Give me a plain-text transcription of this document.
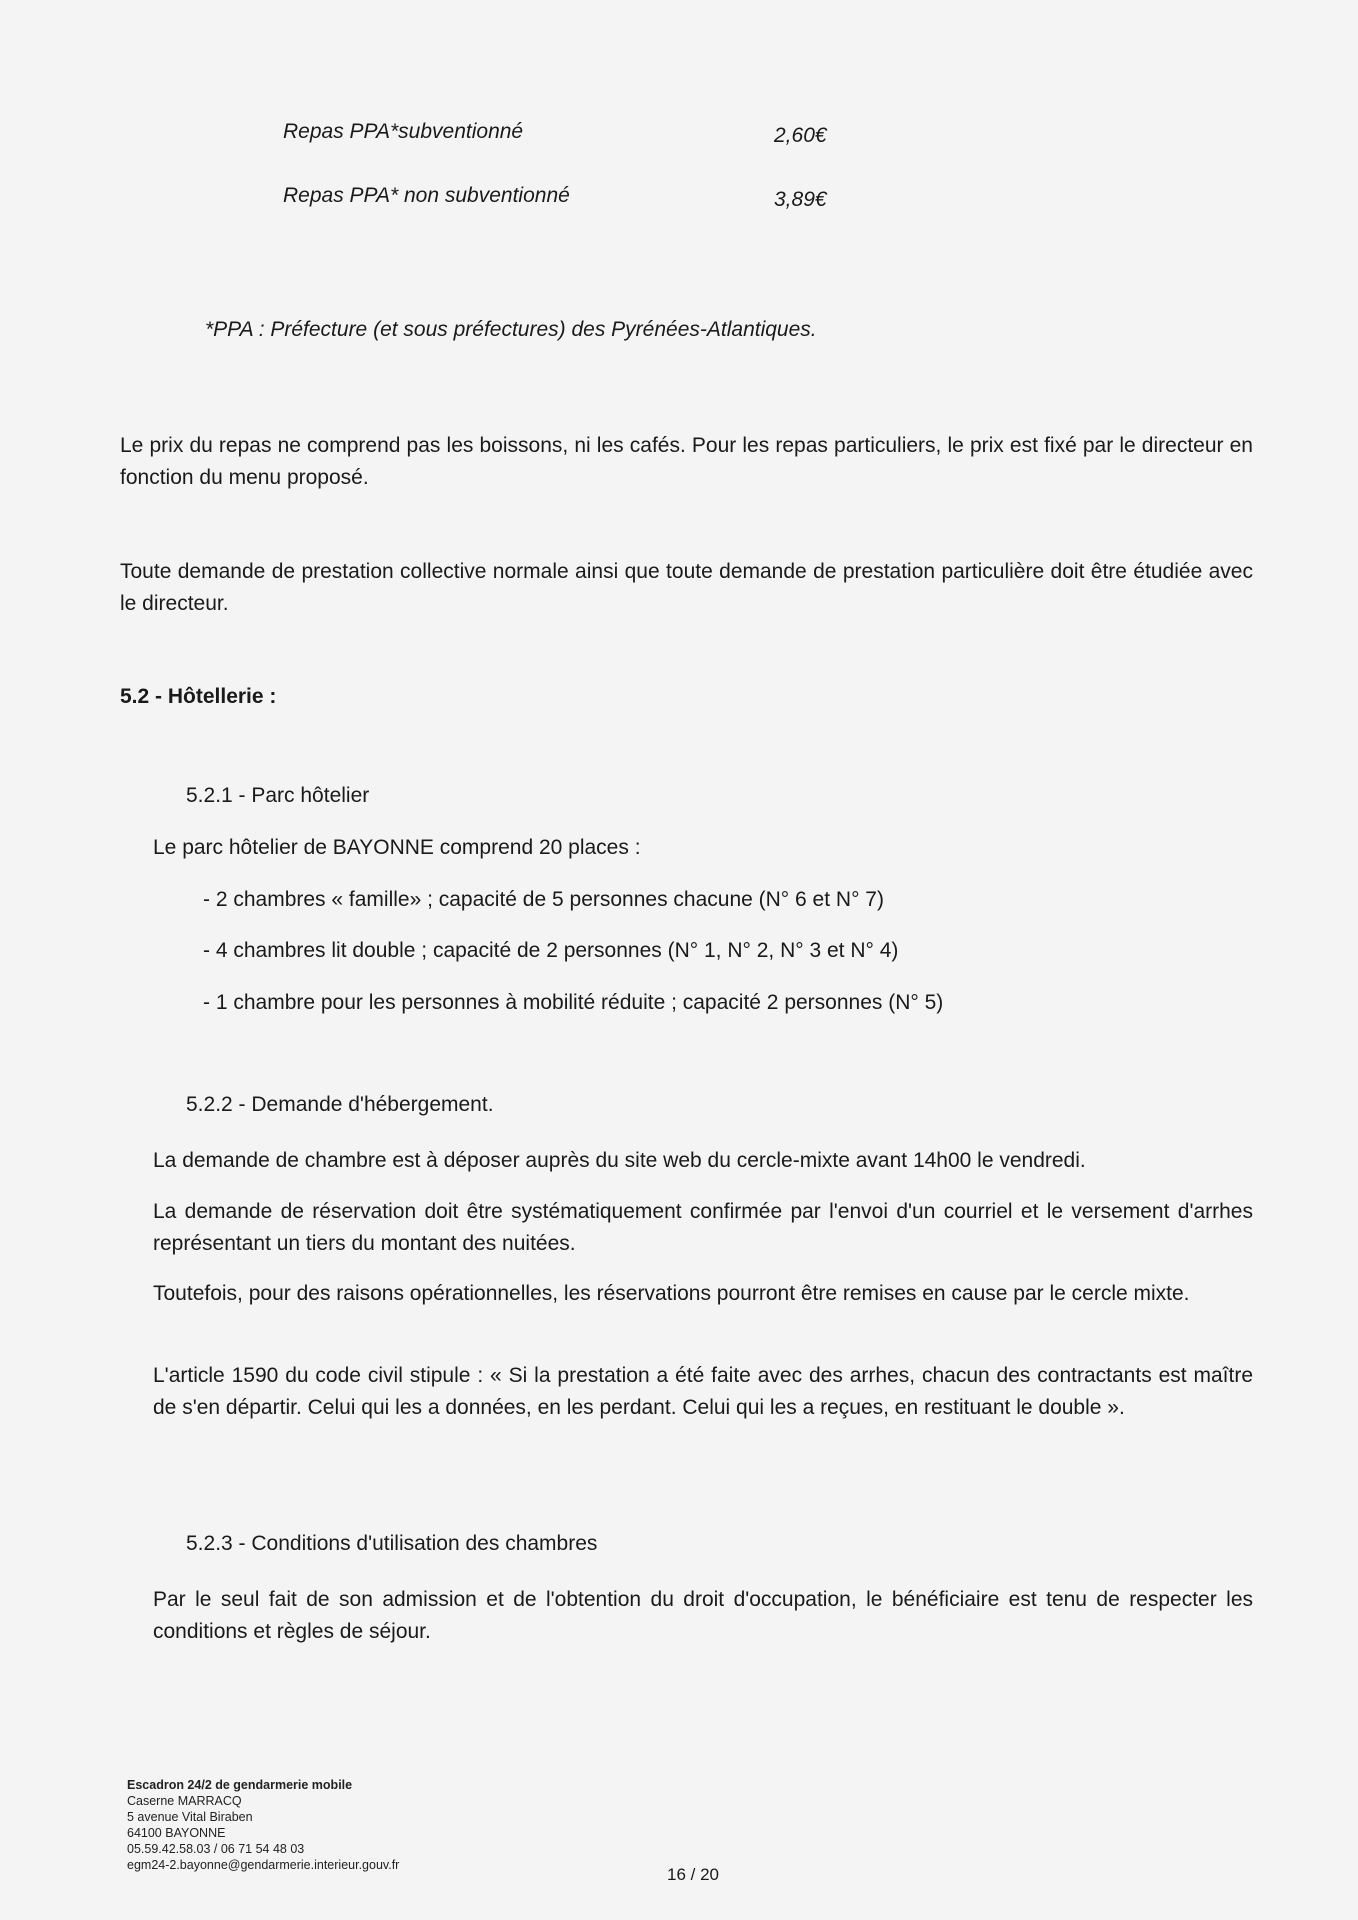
Repas PPA*subventionné	2,60€
Repas PPA* non subventionné	3,89€
*PPA : Préfecture (et sous préfectures) des Pyrénées-Atlantiques.
Le prix du repas ne comprend pas les boissons, ni les cafés. Pour les repas particuliers, le prix est fixé par le directeur en fonction du menu proposé.
Toute demande de prestation collective normale ainsi que toute demande de prestation particulière doit être étudiée avec le directeur.
5.2 - Hôtellerie :
5.2.1 - Parc hôtelier
Le parc hôtelier de BAYONNE comprend 20 places :
- 2 chambres « famille» ; capacité de 5 personnes chacune (N° 6 et N° 7)
- 4 chambres lit double ; capacité de 2 personnes (N° 1, N° 2, N° 3 et N° 4)
- 1 chambre pour les personnes à mobilité réduite ; capacité 2 personnes (N° 5)
5.2.2 - Demande d'hébergement.
La demande de chambre est à déposer auprès du site web du cercle-mixte avant 14h00 le vendredi.
La demande de réservation doit être systématiquement confirmée par l'envoi d'un courriel et le versement d'arrhes représentant un tiers du montant des nuitées.
Toutefois, pour des raisons opérationnelles, les réservations pourront être remises en cause par le cercle mixte.
L'article 1590 du code civil stipule : « Si la prestation a été faite avec des arrhes, chacun des contractants est maître de s'en départir. Celui qui les a données, en les perdant. Celui qui les a reçues, en restituant le double ».
5.2.3 - Conditions d'utilisation des chambres
Par le seul fait de son admission et de l'obtention du droit d'occupation, le bénéficiaire est tenu de respecter les conditions et règles de séjour.
Escadron 24/2 de gendarmerie mobile
Caserne MARRACQ
5 avenue Vital Biraben
64100 BAYONNE
05.59.42.58.03 / 06 71 54 48 03
egm24-2.bayonne@gendarmerie.interieur.gouv.fr	16 / 20
